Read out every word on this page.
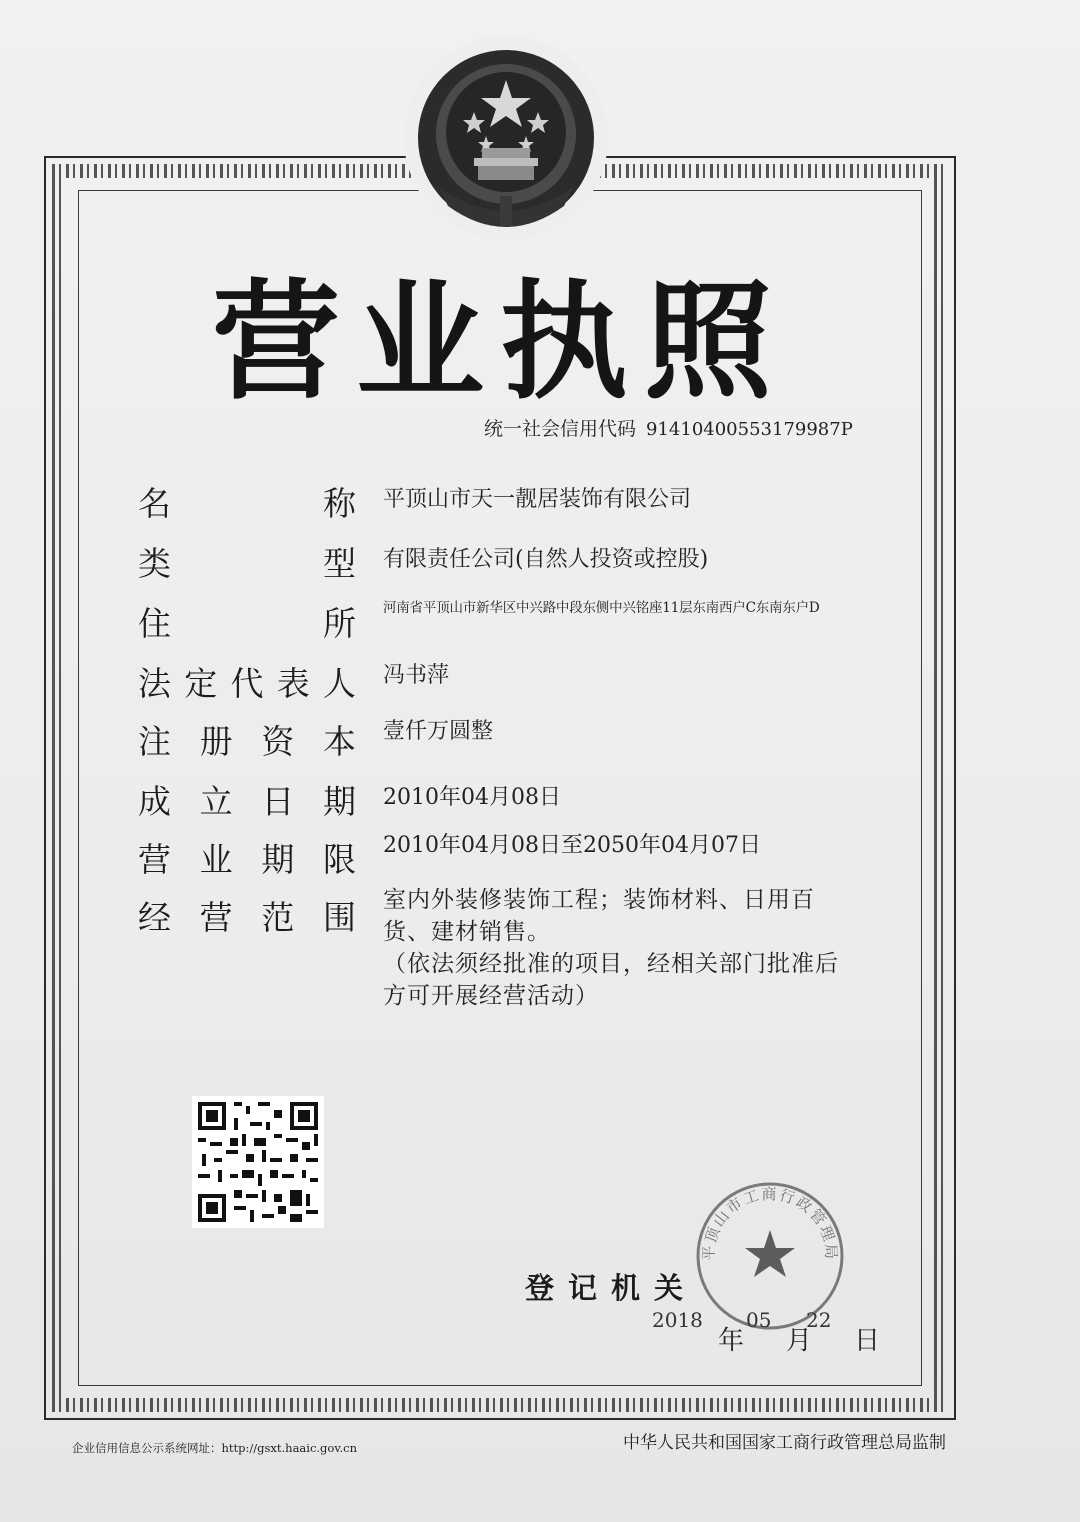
营业执照
统一社会信用代码 91410400553179987P
名称 平顶山市天一靓居装饰有限公司
类型 有限责任公司(自然人投资或控股)
住所 河南省平顶山市新华区中兴路中段东侧中兴铭座11层东南西户C东南东户D
法定代表人 冯书萍
注册资本 壹仟万圆整
成立日期 2010年04月08日
营业期限 2010年04月08日至2050年04月07日
经营范围 室内外装修装饰工程；装饰材料、日用百
货、建材销售。
（依法须经批准的项目，经相关部门批准后
方可开展经营活动）
平顶山市工商行政管理局
登记机关
2018 05 22
年 月 日
企业信用信息公示系统网址：http://gsxt.haaic.gov.cn	中华人民共和国国家工商行政管理总局监制
